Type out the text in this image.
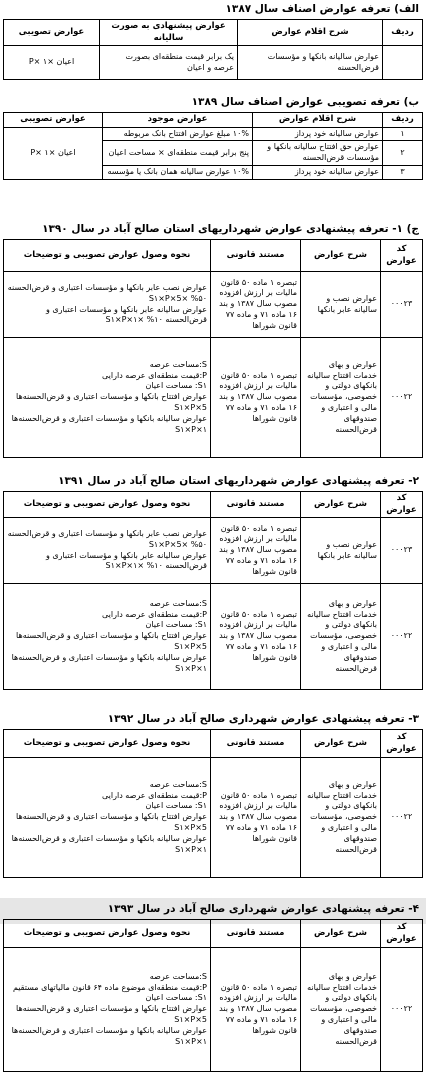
الف) تعرفه عوارض اصناف سال ۱۳۸۷
ردیف	شرح اقلام عوارض	عوارض پیشنهادی به صورت سالیانه	عوارض تصویبی
	عوارض سالیانه بانکها و مؤسسات قرض‌الحسنه	یک برابر قیمت منطقه‌ای بصورت عرصه و اعیان	اعیان ×P× ۱
ب) تعرفه تصویبی عوارض اصناف سال ۱۳۸۹
ردیف	شرح اقلام عوارض	عوارض موجود	عوارض تصویبی
۱	عوارض سالیانه خود پرداز	۱۰% مبلغ عوارض افتتاح بانک مربوطه	اعیان ×P× ۱
۲	عوارض حق افتتاح سالیانه بانکها و مؤسسات قرض‌الحسنه	پنج برابر قیمت منطقه‌ای × مساحت اعیان	
۳	عوارض سالیانه خود پرداز	۱۰% عوارض سالیانه همان بانک یا مؤسسه	
ج) ۱- تعرفه پیشنهادی عوارض شهرداریهای استان صالح آباد در سال ۱۳۹۰
کد عوارض	شرح عوارض	مستند قانونی	نحوه وصول عوارض تصویبی و توضیحات
۰۰۰۲۳	عوارض نصب و سالیانه عابر بانکها	تبصره ۱ ماده ۵۰ قانون مالیات بر ارزش افزوده مصوب سال ۱۳۸۷ و بند ۱۶ ماده ۷۱ و ماده ۷۷ قانون شوراها	عوارض نصب عابر بانکها و مؤسسات اعتباری و قرض‌الحسنه ۵۰% ×S۱×P×5
عوارض سالیانه عابر بانکها و مؤسسات اعتباری و قرض‌الحسنه ۱۰% ×S۱×P×۱

۰۰۰۲۲	عوارض و بهای خدمات افتتاح سالیانه بانکهای دولتی و خصوصی، مؤسسات مالی و اعتباری و صندوقهای قرض‌الحسنه	تبصره ۱ ماده ۵۰ قانون مالیات بر ارزش افزوده مصوب سال ۱۳۸۷ و بند ۱۶ ماده ۷۱ و ماده ۷۷ قانون شوراها	S:مساحت عرصه
P:قیمت منطقه‌ای عرصه دارایی
S۱: مساحت اعیان
عوارض افتتاح بانکها و مؤسسات اعتباری و قرض‌الحسنه‌ها S۱×P×5
عوارض سالیانه بانکها و مؤسسات اعتباری و قرض‌الحسنه‌ها S۱×P×۱
۲- تعرفه پیشنهادی عوارض شهرداریهای استان صالح آباد در سال ۱۳۹۱
کد عوارض	شرح عوارض	مستند قانونی	نحوه وصول عوارض تصویبی و توضیحات
۰۰۰۲۳	عوارض نصب و سالیانه عابر بانکها	تبصره ۱ ماده ۵۰ قانون مالیات بر ارزش افزوده مصوب سال ۱۳۸۷ و بند ۱۶ ماده ۷۱ و ماده ۷۷ قانون شوراها	عوارض نصب عابر بانکها و مؤسسات اعتباری و قرض‌الحسنه ۵۰% ×S۱×P×5
عوارض سالیانه عابر بانکها و مؤسسات اعتباری و قرض‌الحسنه ۱۰% ×S۱×P×۱

۰۰۰۲۲	عوارض و بهای خدمات افتتاح سالیانه بانکهای دولتی و خصوصی، مؤسسات مالی و اعتباری و صندوقهای قرض‌الحسنه	تبصره ۱ ماده ۵۰ قانون مالیات بر ارزش افزوده مصوب سال ۱۳۸۷ و بند ۱۶ ماده ۷۱ و ماده ۷۷ قانون شوراها	S:مساحت عرصه
P:قیمت منطقه‌ای عرصه دارایی
S۱: مساحت اعیان
عوارض افتتاح بانکها و مؤسسات اعتباری و قرض‌الحسنه‌ها S۱×P×5
عوارض سالیانه بانکها و مؤسسات اعتباری و قرض‌الحسنه‌ها S۱×P×۱
۳- تعرفه پیشنهادی عوارض شهرداری صالح آباد در سال ۱۳۹۲
کد عوارض	شرح عوارض	مستند قانونی	نحوه وصول عوارض تصویبی و توضیحات
۰۰۰۲۲	عوارض و بهای خدمات افتتاح سالیانه بانکهای دولتی و خصوصی، مؤسسات مالی و اعتباری و صندوقهای قرض‌الحسنه	تبصره ۱ ماده ۵۰ قانون مالیات بر ارزش افزوده مصوب سال ۱۳۸۷ و بند ۱۶ ماده ۷۱ و ماده ۷۷ قانون شوراها	S:مساحت عرصه
P:قیمت منطقه‌ای عرصه دارایی
S۱: مساحت اعیان
عوارض افتتاح بانکها و مؤسسات اعتباری و قرض‌الحسنه‌ها S۱×P×5
عوارض سالیانه بانکها و مؤسسات اعتباری و قرض‌الحسنه‌ها S۱×P×۱
۴- تعرفه پیشنهادی عوارض شهرداری صالح آباد در سال ۱۳۹۳
کد عوارض	شرح عوارض	مستند قانونی	نحوه وصول عوارض تصویبی و توضیحات
۰۰۰۲۲	عوارض و بهای خدمات افتتاح سالیانه بانکهای دولتی و خصوصی، مؤسسات مالی و اعتباری و صندوقهای قرض‌الحسنه	تبصره ۱ ماده ۵۰ قانون مالیات بر ارزش افزوده مصوب سال ۱۳۸۷ و بند ۱۶ ماده ۷۱ و ماده ۷۷ قانون شوراها	S:مساحت عرصه
P:قیمت منطقه‌ای موضوع ماده ۶۴ قانون مالیاتهای مستقیم
S۱: مساحت اعیان
عوارض افتتاح بانکها و مؤسسات اعتباری و قرض‌الحسنه‌ها S۱×P×5
عوارض سالیانه بانکها و مؤسسات اعتباری و قرض‌الحسنه‌ها S۱×P×۱
